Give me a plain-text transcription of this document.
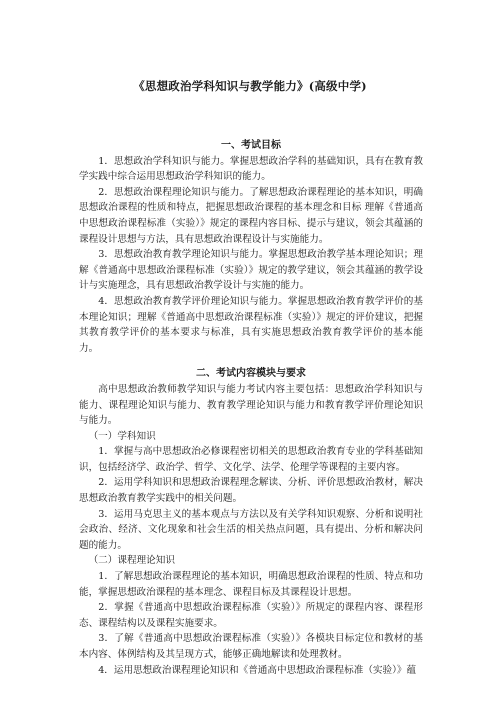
《思想政治学科知识与教学能力》(高级中学)
一、考试目标

1．思想政治学科知识与能力。掌握思想政治学科的基础知识，具有在教育教学实践中综合运用思想政治学科知识的能力。

2．思想政治课程理论知识与能力。了解思想政治课程理论的基本知识，明确思想政治课程的性质和特点，把握思想政治课程的基本理念和目标 理解《普通高中思想政治课程标准（实验）》规定的课程内容目标、提示与建议，领会其蕴涵的课程设计思想与方法，具有思想政治课程设计与实施能力。

3．思想政治教育教学理论知识与能力。掌握思想政治教学基本理论知识；理解《普通高中思想政治课程标准（实验）》规定的教学建议，领会其蕴涵的教学设计与实施理念，具有思想政治教学设计与实施的能力。

4．思想政治教育教学评价理论知识与能力。掌握思想政治教育教学评价的基本理论知识；理解《普通高中思想政治课程标准（实验）》规定的评价建议，把握其教育教学评价的基本要求与标准，具有实施思想政治教育教学评价的基本能力。

二、考试内容模块与要求

高中思想政治教师教学知识与能力考试内容主要包括：思想政治学科知识与能力、课程理论知识与能力、教育教学理论知识与能力和教育教学评价理论知识与能力。

（一）学科知识

1．掌握与高中思想政治必修课程密切相关的思想政治教育专业的学科基础知识，包括经济学、政治学、哲学、文化学、法学、伦理学等课程的主要内容。

2．运用学科知识和思想政治课程理念解读、分析、评价思想政治教材，解决思想政治教育教学实践中的相关问题。

3．运用马克思主义的基本观点与方法以及有关学科知识观察、分析和说明社会政治、经济、文化现象和社会生活的相关热点问题，具有提出、分析和解决问题的能力。

（二）课程理论知识

1．了解思想政治课程理论的基本知识，明确思想政治课程的性质、特点和功能，掌握思想政治课程的基本理念、课程目标及其课程设计思想。

2．掌握《普通高中思想政治课程标准（实验）》所规定的课程内容、课程形态、课程结构以及课程实施要求。

3．了解《普通高中思想政治课程标准（实验）》各模块目标定位和教材的基本内容、体例结构及其呈现方式，能够正确地解读和处理教材。

4．运用思想政治课程理论知识和《普通高中思想政治课程标准（实验）》蕴
